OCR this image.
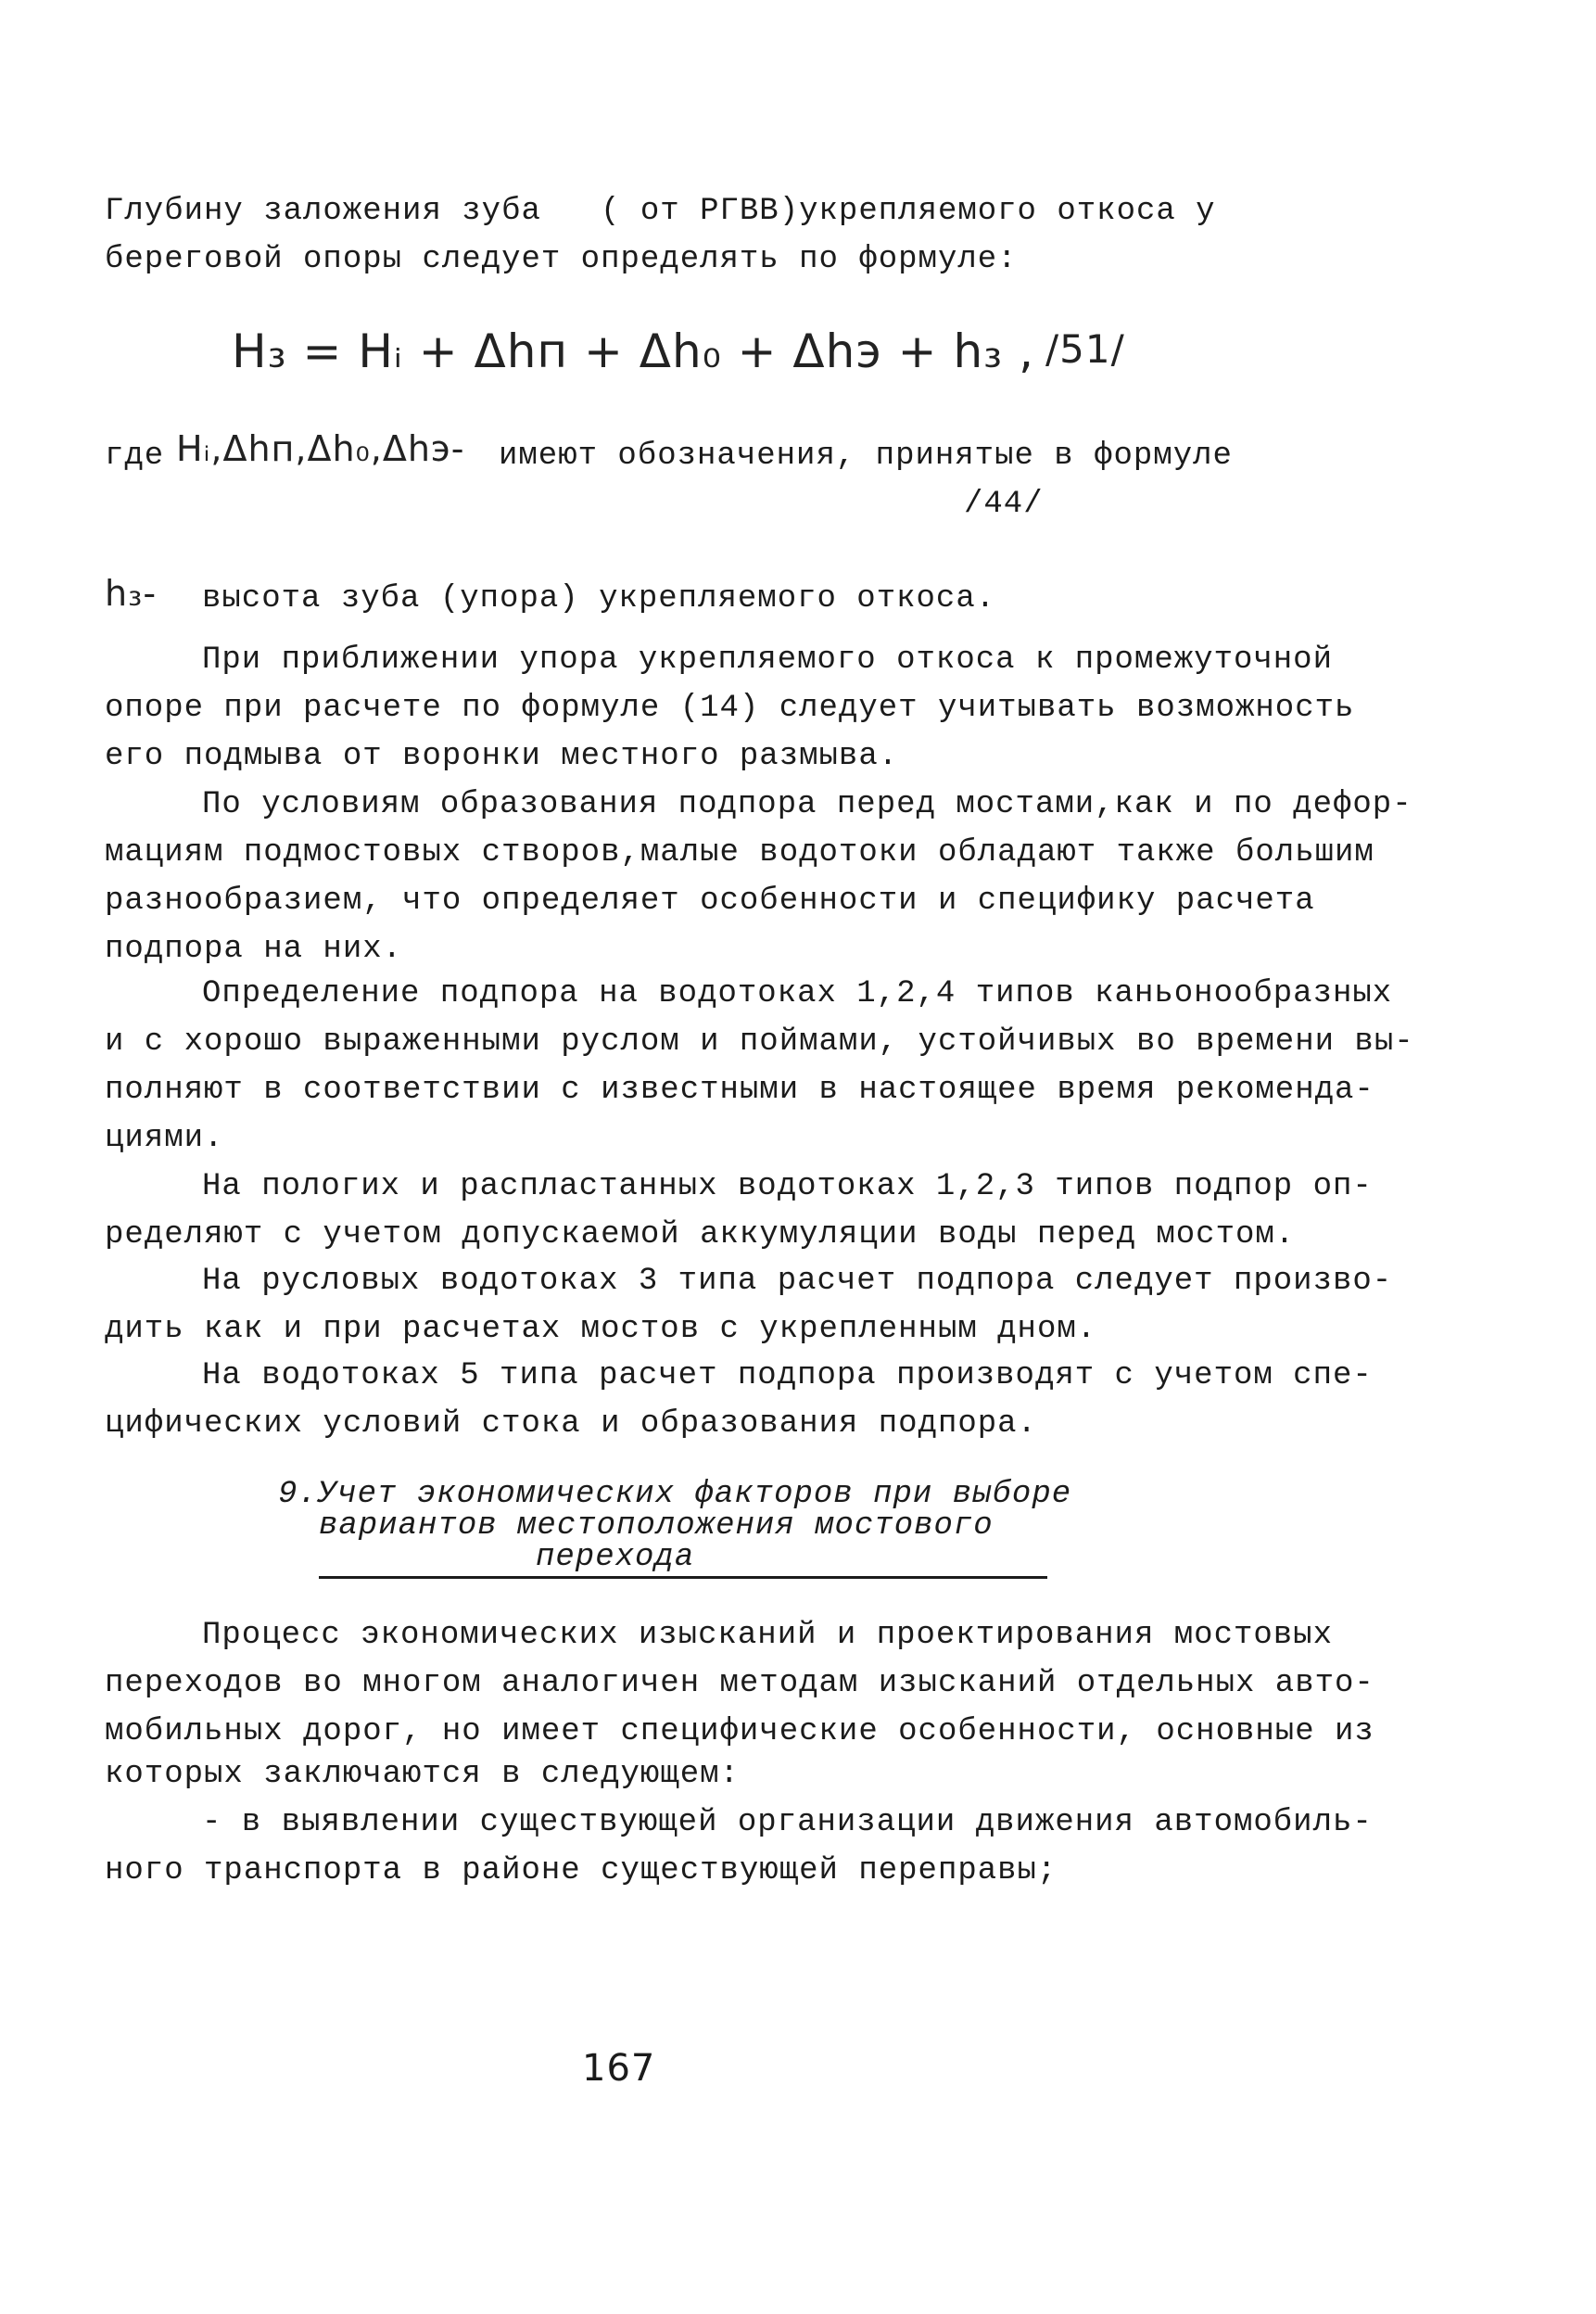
Глубину заложения зуба   ( от РГВВ)укрепляемого откоса у
береговой опоры следует определять по формуле:
H₃ = Hᵢ + Δhп + Δh₀ + Δhэ + h₃ , /51/
где Hᵢ,Δhп,Δh₀,Δhэ- имеют обозначения, принятые в формуле
/44/
h₃- высота зуба (упора) укрепляемого откоса.
При приближении упора укрепляемого откоса к промежуточной
опоре при расчете по формуле (14) следует учитывать возможность
его подмыва от воронки местного размыва.
По условиям образования подпора перед мостами,как и по дефор-
мациям подмостовых створов,малые водотоки обладают также большим
разнообразием, что определяет особенности и специфику расчета
подпора на них.
Определение подпора на водотоках 1,2,4 типов каньонообразных
и с хорошо выраженными руслом и поймами, устойчивых во времени вы-
полняют в соответствии с известными в настоящее время рекоменда-
циями.
На пологих и распластанных водотоках 1,2,3 типов подпор оп-
ределяют с учетом допускаемой аккумуляции воды перед мостом.
На русловых водотоках 3 типа расчет подпора следует произво-
дить как и при расчетах мостов с укрепленным дном.
На водотоках 5 типа расчет подпора производят с учетом спе-
цифических условий стока и образования подпора.
9.Учет экономических факторов при выборе
вариантов местоположения мостового
перехода
Процесс экономических изысканий и проектирования мостовых
переходов во многом аналогичен методам изысканий отдельных авто-
мобильных дорог, но имеет специфические особенности, основные из
которых заключаются в следующем:
- в выявлении существующей организации движения автомобиль-
ного транспорта в районе существующей переправы;
167
